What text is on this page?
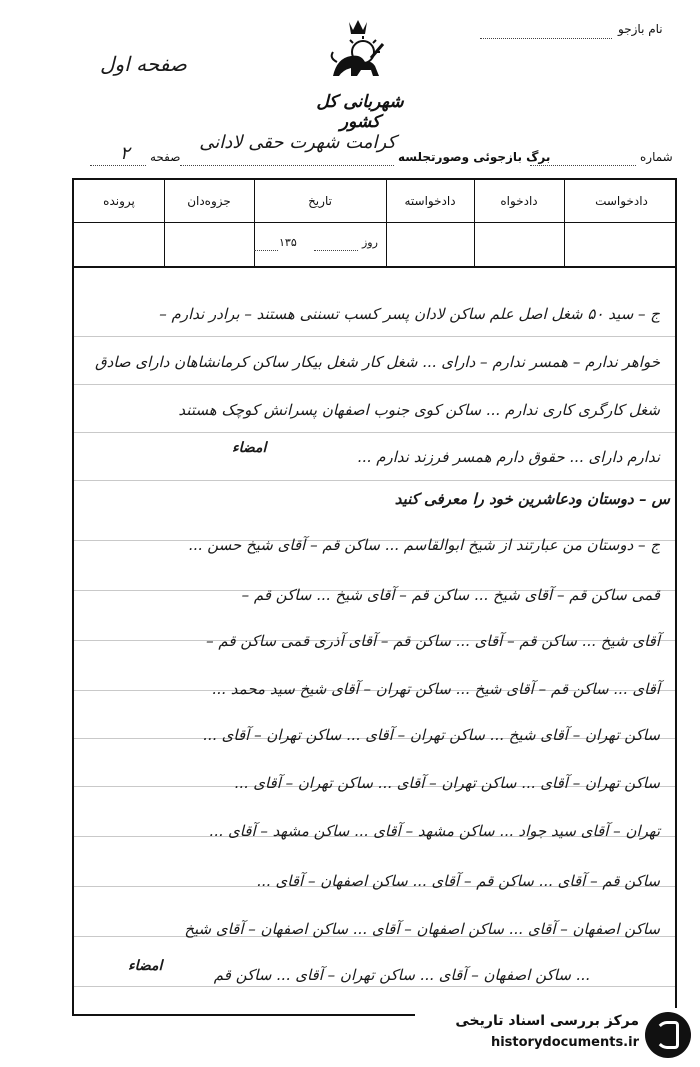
نام بازجو
صفحه اول
شهربانی کل کشور
شماره
برگ بازجوئی وصورتجلسه
کرامت شهرت حقی لادانی
صفحه
۲
دادخواست
دادخواه
دادخواسته
تاریخ
جزوه‌دان
پرونده
روز
۱۳۵
ج – سید ۵۰ شغل اصل علم ساکن لادان پسر کسب تسننی هستند – برادر ندارم –
خواهر ندارم – همسر ندارم – دارای ... شغل کار شغل بیکار ساکن کرمانشاهان دارای صادق
شغل کارگری کاری ندارم ... ساکن کوی جنوب اصفهان پسرانش کوچک هستند
ندارم دارای ... حقوق دارم همسر فرزند ندارم ...
امضاء
س – دوستان ودعاشرین خود را معرفی کنید
ج – دوستان من عبارتند از شیخ ابوالقاسم ... ساکن قم – آقای شیخ حسن ...
قمی ساکن قم – آقای شیخ ... ساکن قم – آقای شیخ ... ساکن قم –
آقای شیخ ... ساکن قم – آقای ... ساکن قم – آقای آذری قمی ساکن قم –
آقای ... ساکن قم – آقای شیخ ... ساکن تهران – آقای شیخ سید محمد ...
ساکن تهران – آقای شیخ ... ساکن تهران – آقای ... ساکن تهران – آقای ...
ساکن تهران – آقای ... ساکن تهران – آقای ... ساکن تهران – آقای ...
تهران – آقای سید جواد ... ساکن مشهد – آقای ... ساکن مشهد – آقای ...
ساکن قم – آقای ... ساکن قم – آقای ... ساکن اصفهان – آقای ...
ساکن اصفهان – آقای ... ساکن اصفهان – آقای ... ساکن اصفهان – آقای شیخ
... ساکن اصفهان – آقای ... ساکن تهران – آقای ... ساکن قم
امضاء
مرکز بررسی اسناد تاریخی
historydocuments.ir
